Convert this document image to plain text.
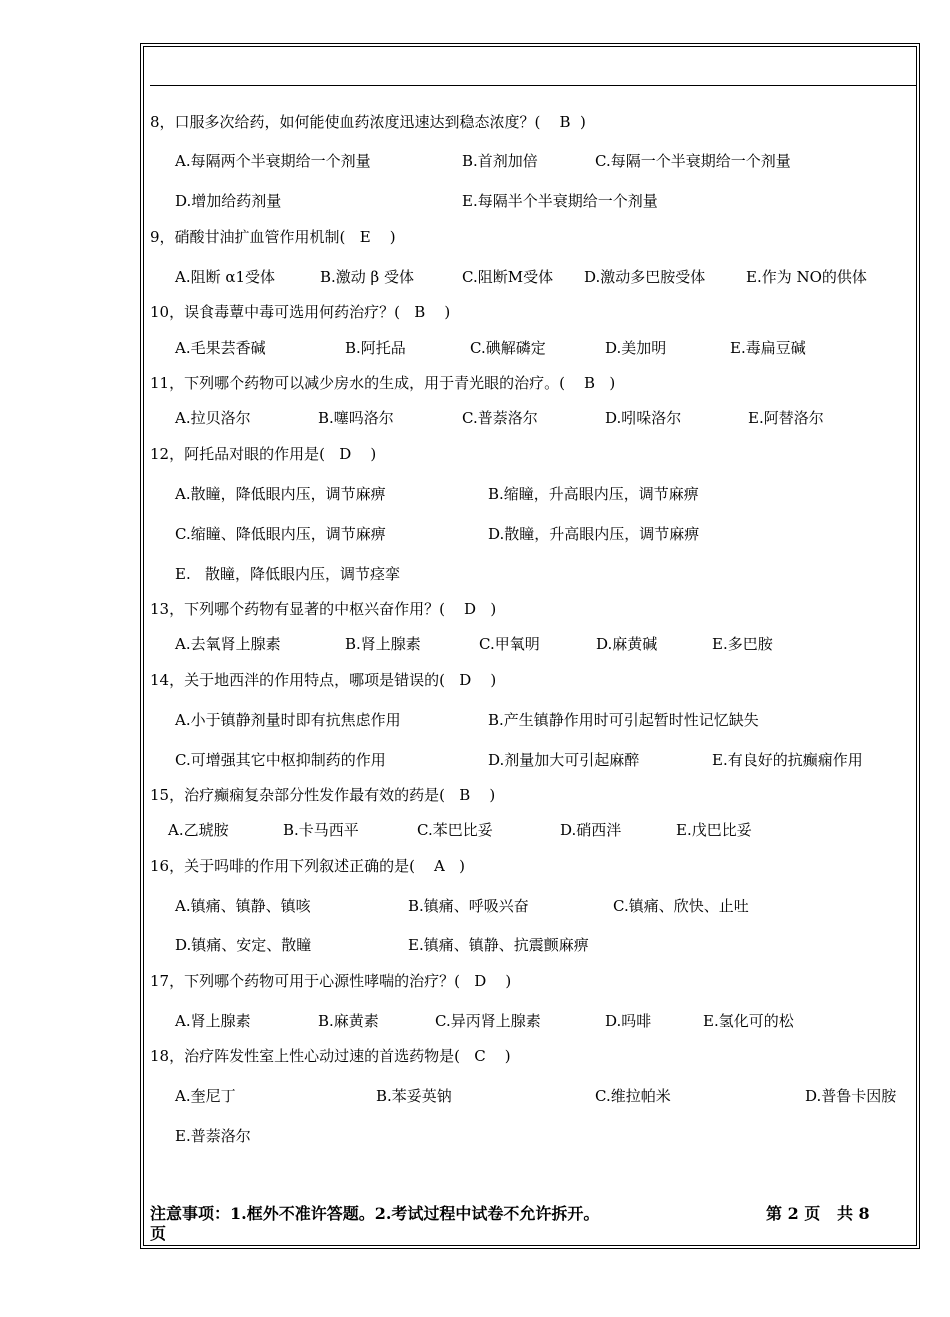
8，口服多次给药，如何能使血药浓度迅速达到稳态浓度？(    B  )
A.每隔两个半衰期给一个剂量	B.首剂加倍	C.每隔一个半衰期给一个剂量
D.增加给药剂量	E.每隔半个半衰期给一个剂量
9，硝酸甘油扩血管作用机制(   E    )
A.阻断 α1受体	B.激动 β 受体	C.阻断M受体 D.激动多巴胺受体	E.作为 NO的供体
10，误食毒蕈中毒可选用何药治疗？(   B    )
A.毛果芸香碱	B.阿托品	C.碘解磷定	D.美加明	E.毒扁豆碱
11，下列哪个药物可以减少房水的生成，用于青光眼的治疗。(    B   )
A.拉贝洛尔	B.噻吗洛尔	C.普萘洛尔	D.吲哚洛尔	E.阿替洛尔
12，阿托品对眼的作用是(   D    )
A.散瞳，降低眼内压，调节麻痹	B.缩瞳，升高眼内压，调节麻痹
C.缩瞳、降低眼内压，调节麻痹	D.散瞳，升高眼内压，调节麻痹
E.   散瞳，降低眼内压，调节痉挛
13，下列哪个药物有显著的中枢兴奋作用？(    D   )
A.去氧肾上腺素	B.肾上腺素	C.甲氧明	D.麻黄碱	E.多巴胺
14，关于地西泮的作用特点，哪项是错误的(   D    )
A.小于镇静剂量时即有抗焦虑作用	B.产生镇静作用时可引起暂时性记忆缺失
C.可增强其它中枢抑制药的作用	D.剂量加大可引起麻醉	E.有良好的抗癫痫作用
15，治疗癫痫复杂部分性发作最有效的药是(   B    )
A.乙琥胺	B.卡马西平	C.苯巴比妥	D.硝西泮	E.戊巴比妥
16，关于吗啡的作用下列叙述正确的是(    A   )
A.镇痛、镇静、镇咳	B.镇痛、呼吸兴奋	C.镇痛、欣快、止吐
D.镇痛、安定、散瞳	E.镇痛、镇静、抗震颤麻痹
17，下列哪个药物可用于心源性哮喘的治疗？(   D    )
A.肾上腺素	B.麻黄素	C.异丙肾上腺素	D.吗啡	E.氢化可的松
18，治疗阵发性室上性心动过速的首选药物是(   C    )
A.奎尼丁	B.苯妥英钠	C.维拉帕米	D.普鲁卡因胺
E.普萘洛尔
注意事项：1.框外不准许答题。2.考试过程中试卷不允许拆开。	第 2 页   共 8
页
